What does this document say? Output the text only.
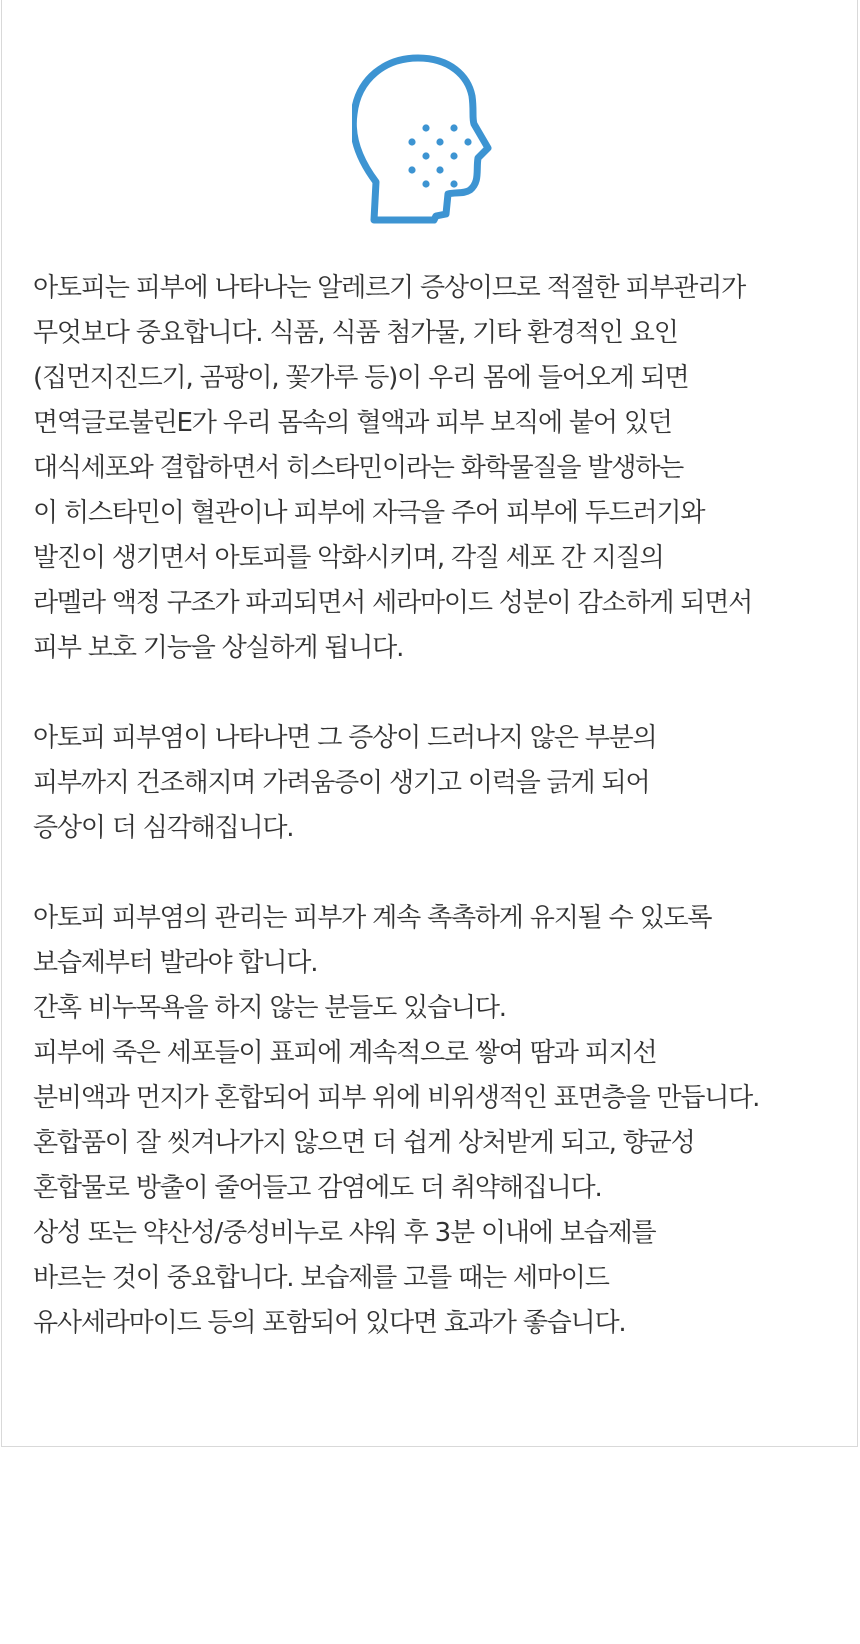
아토피는 피부에 나타나는 알레르기 증상이므로 적절한 피부관리가
무엇보다 중요합니다. 식품, 식품 첨가물, 기타 환경적인 요인
(집먼지진드기, 곰팡이, 꽃가루 등)이 우리 몸에 들어오게 되면
면역글로불린E가 우리 몸속의 혈액과 피부 보직에 붙어 있던
대식세포와 결합하면서 히스타민이라는 화학물질을 발생하는
이 히스타민이 혈관이나 피부에 자극을 주어 피부에 두드러기와
발진이 생기면서 아토피를 악화시키며, 각질 세포 간 지질의
라멜라 액정 구조가 파괴되면서 세라마이드 성분이 감소하게 되면서
피부 보호 기능을 상실하게 됩니다.
아토피 피부염이 나타나면 그 증상이 드러나지 않은 부분의
피부까지 건조해지며 가려움증이 생기고 이럭을 긁게 되어
증상이 더 심각해집니다.
아토피 피부염의 관리는 피부가 계속 촉촉하게 유지될 수 있도록
보습제부터 발라야 합니다.
간혹 비누목욕을 하지 않는 분들도 있습니다.
피부에 죽은 세포들이 표피에 계속적으로 쌓여 땀과 피지선
분비액과 먼지가 혼합되어 피부 위에 비위생적인 표면층을 만듭니다.
혼합품이 잘 씻겨나가지 않으면 더 쉽게 상처받게 되고, 향균성
혼합물로 방출이 줄어들고 감염에도 더 취약해집니다.
상성 또는 약산성/중성비누로 샤워 후 3분 이내에 보습제를
바르는 것이 중요합니다. 보습제를 고를 때는 세마이드
유사세라마이드 등의 포함되어 있다면 효과가 좋습니다.
